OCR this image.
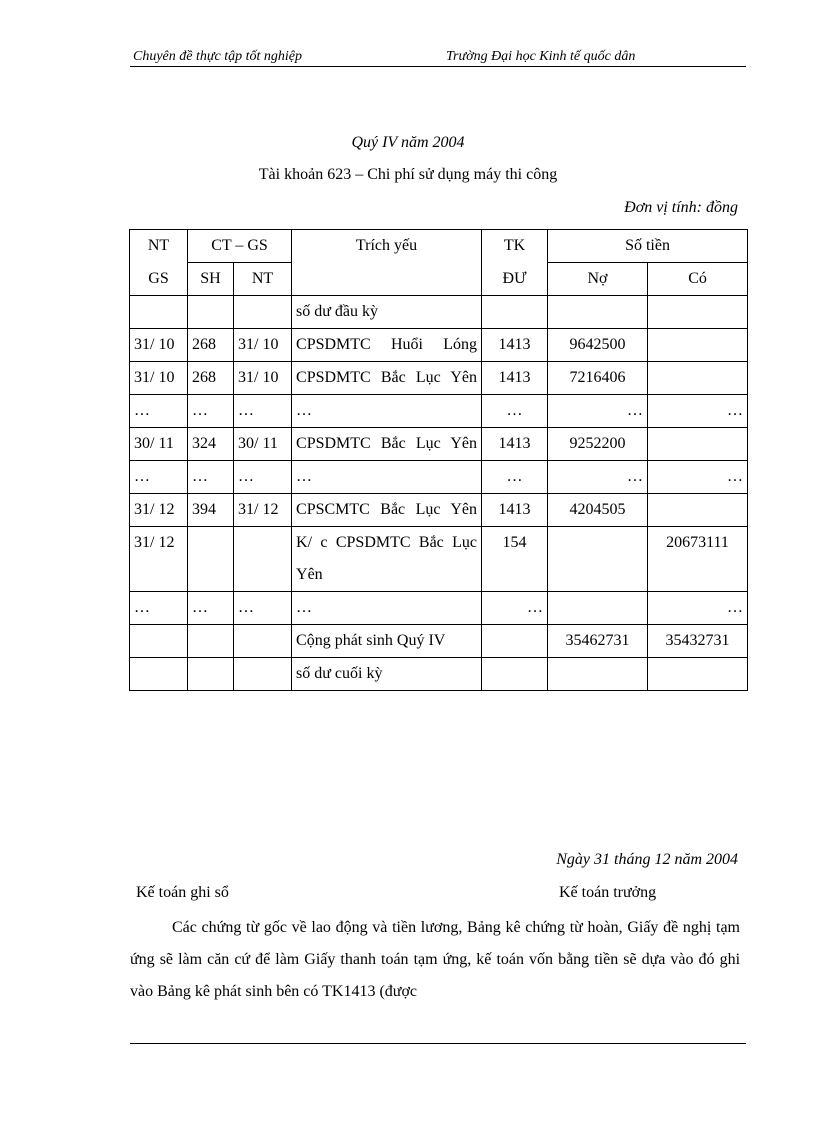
Chuyên đề thực tập tốt nghiệp	Trường Đại học Kinh tế quốc dân
Quý IV năm 2004
Tài khoản 623 – Chi phí sử dụng máy thi công
Đơn vị tính: đồng
NT	CT – GS		Trích yếu	TK	Số tiền	
GS	SH	NT		ĐƯ	Nợ	Có
			số dư đầu kỳ			
31/ 10	268	31/ 10	CPSDMTC Huổi Lóng	1413	9642500	
31/ 10	268	31/ 10	CPSDMTC Bắc Lục Yên	1413	7216406	
…	…	…	…	…	…	…
30/ 11	324	30/ 11	CPSDMTC Bắc Lục Yên	1413	9252200	
…	…	…	…	…	…	…
31/ 12	394	31/ 12	CPSCMTC Bắc Lục Yên	1413	4204505	
31/ 12			K/ c CPSDMTC Bắc Lục Yên	154		20673111
…	…	…	…	…		…
			Cộng phát sinh Quý IV		35462731	35432731
			số dư cuối kỳ			
Ngày 31 tháng 12 năm 2004
Kế toán ghi sổ	Kế toán trưởng
Các chứng từ gốc về lao động và tiền lương, Bảng kê chứng từ hoàn, Giấy đề nghị tạm ứng sẽ làm căn cứ để làm Giấy thanh toán tạm ứng, kế toán vốn bằng tiền sẽ dựa vào đó ghi vào Bảng kê phát sinh bên có TK1413 (được
